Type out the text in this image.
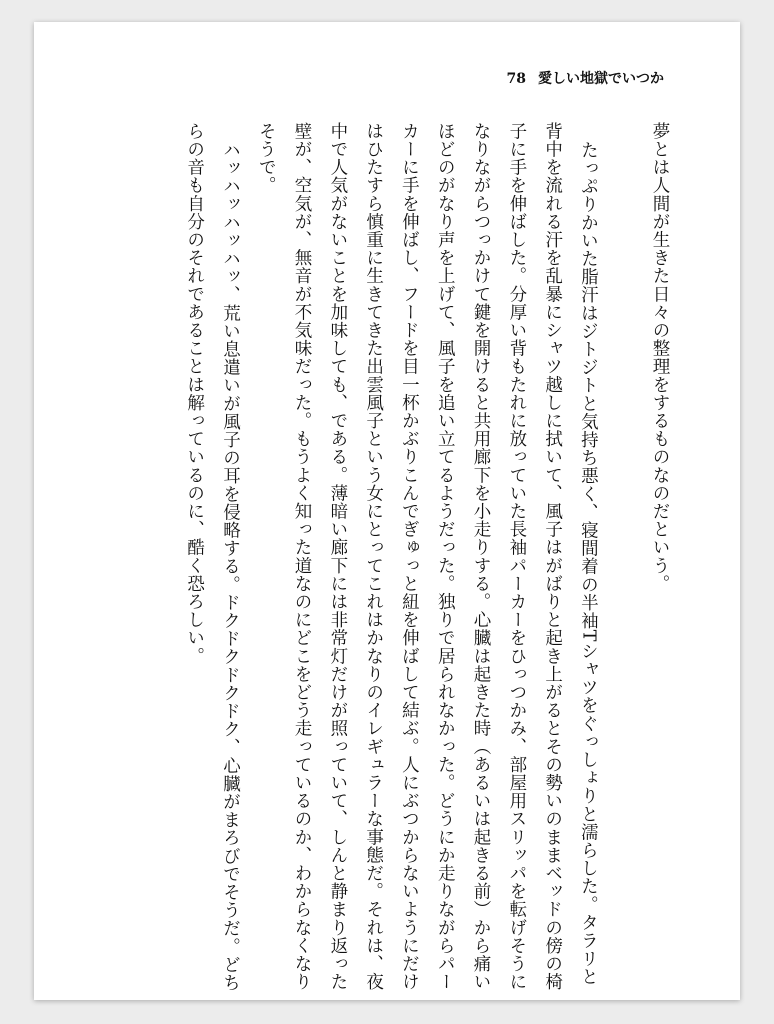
78 愛しい地獄でいつか
夢とは人間が生きた日々の整理をするものなのだという。

たっぷりかいた脂汗はジトジトと気持ち悪く、寝間着の半袖Tシャツをぐっしょりと濡らした。タラリと
背中を流れる汗を乱暴にシャツ越しに拭いて、風子はがばりと起き上がるとその勢いのままベッドの傍の椅
子に手を伸ばした。分厚い背もたれに放っていた長袖パーカーをひっつかみ、部屋用スリッパを転げそうに
なりながらつっかけて鍵を開けると共用廊下を小走りする。心臓は起きた時（あるいは起きる前）から痛い
ほどのがなり声を上げて、風子を追い立てるようだった。独りで居られなかった。どうにか走りながらパー
カーに手を伸ばし、フードを目一杯かぶりこんでぎゅっと紐を伸ばして結ぶ。人にぶつからないようにだけ
はひたすら慎重に生きてきた出雲風子という女にとってこれはかなりのイレギュラーな事態だ。それは、夜
中で人気がないことを加味しても、である。薄暗い廊下には非常灯だけが照っていて、しんと静まり返った
壁が、空気が、無音が不気味だった。もうよく知った道なのにどこをどう走っているのか、わからなくなり
そうで。
ハッハッハッハッ、荒い息遣いが風子の耳を侵略する。ドクドクドクドク、心臓がまろびでそうだ。どち
らの音も自分のそれであることは解っているのに、酷く恐ろしい。
